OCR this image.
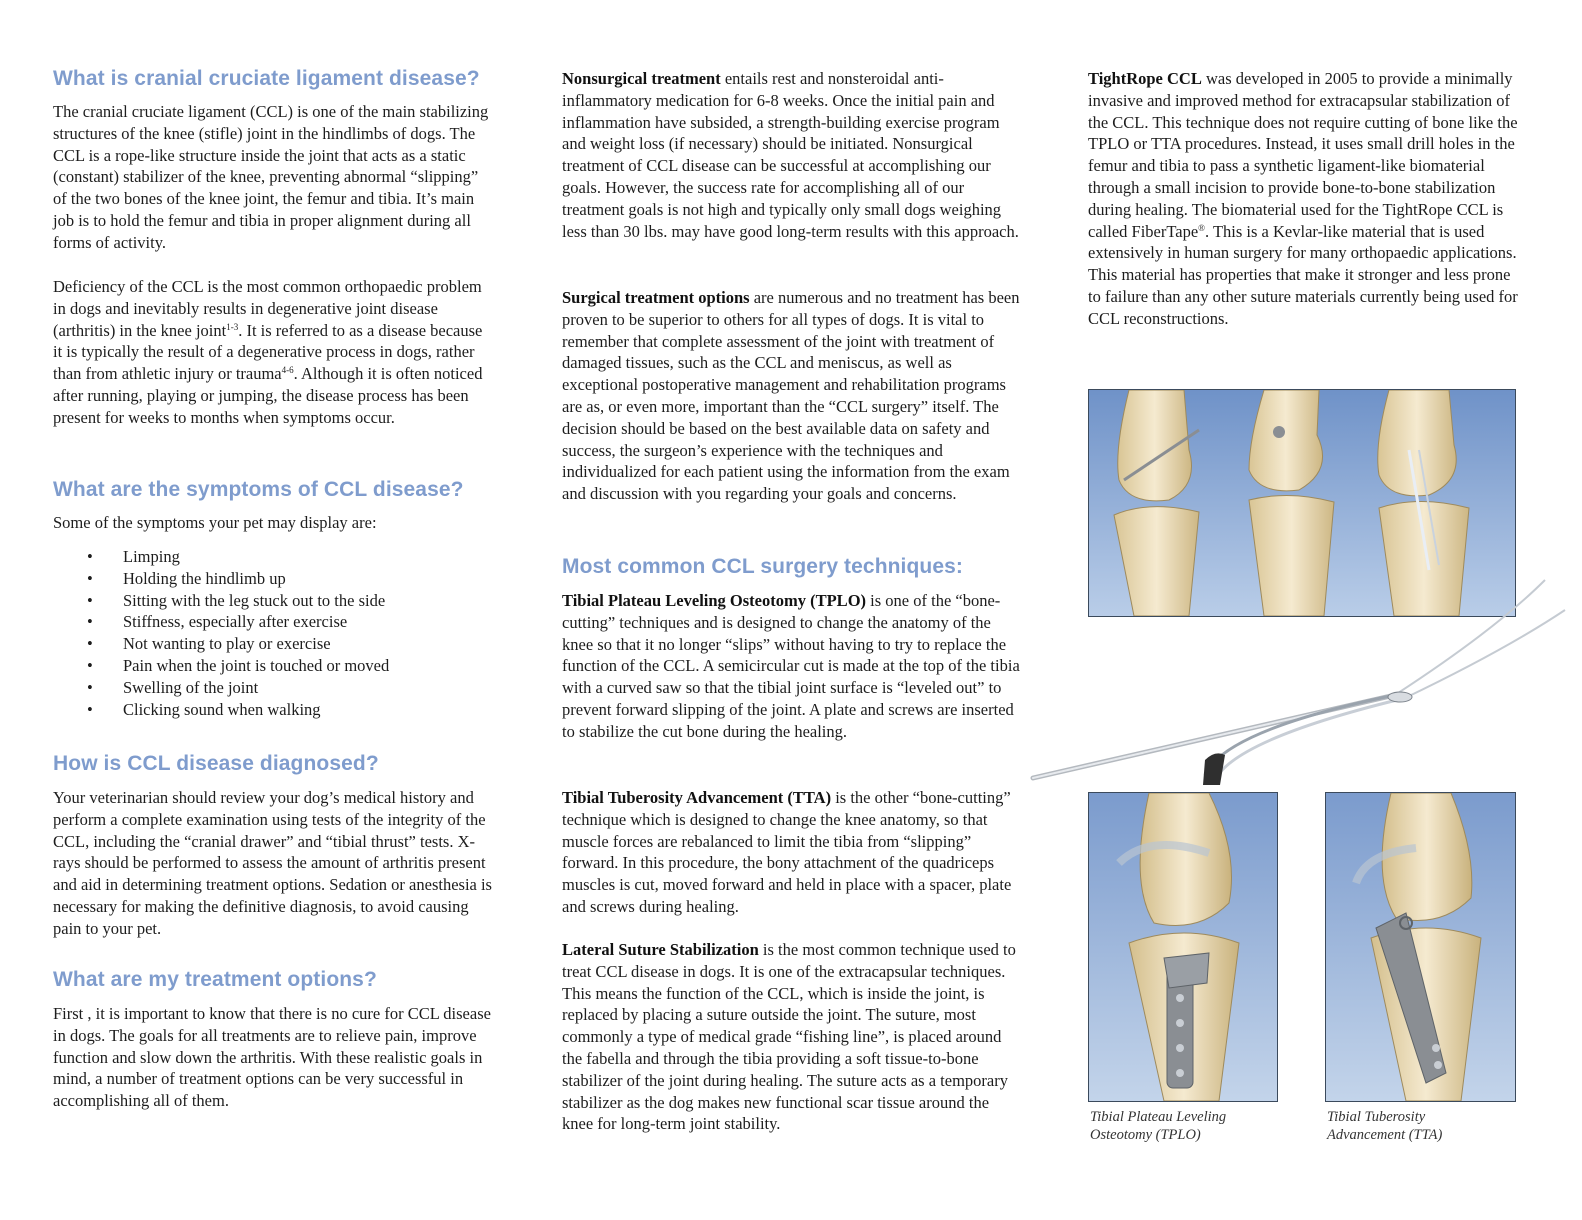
What is cranial cruciate ligament disease?

The cranial cruciate ligament (CCL) is one of the main stabilizing structures of the knee (stifle) joint in the hindlimbs of dogs. The CCL is a rope-like structure inside the joint that acts as a static (constant) stabilizer of the knee, preventing abnormal “slipping” of the two bones of the knee joint, the femur and tibia. It’s main job is to hold the femur and tibia in proper alignment during all forms of activity.

Deficiency of the CCL is the most common orthopaedic problem in dogs and inevitably results in degenerative joint disease (arthritis) in the knee joint$^{1-3}$. It is referred to as a disease because it is typically the result of a degenerative process in dogs, rather than from athletic injury or trauma$^{4-6}$. Although it is often noticed after running, playing or jumping, the disease process has been present for weeks to months when symptoms occur.

What are the symptoms of CCL disease?

Some of the symptoms your pet may display are:

• Limping
• Holding the hindlimb up
• Sitting with the leg stuck out to the side
• Stiffness, especially after exercise
• Not wanting to play or exercise
• Pain when the joint is touched or moved
• Swelling of the joint
• Clicking sound when walking
How is CCL disease diagnosed?

Your veterinarian should review your dog’s medical history and perform a complete examination using tests of the integrity of the CCL, including the “cranial drawer” and “tibial thrust” tests. X-rays should be performed to assess the amount of arthritis present and aid in determining treatment options. Sedation or anesthesia is necessary for making the definitive diagnosis, to avoid causing pain to your pet.

What are my treatment options?

First , it is important to know that there is no cure for CCL disease in dogs. The goals for all treatments are to relieve pain, improve function and slow down the arthritis. With these realistic goals in mind, a number of treatment options can be very successful in accomplishing all of them.

Nonsurgical treatment entails rest and nonsteroidal anti-inflammatory medication for 6-8 weeks. Once the initial pain and inflammation have subsided, a strength-building exercise program and weight loss (if necessary) should be initiated. Nonsurgical treatment of CCL disease can be successful at accomplishing our goals. However, the success rate for accomplishing all of our treatment goals is not high and typically only small dogs weighing less than 30 lbs. may have good long-term results with this approach.

Surgical treatment options are numerous and no treatment has been proven to be superior to others for all types of dogs. It is vital to remember that complete assessment of the joint with treatment of damaged tissues, such as the CCL and meniscus, as well as exceptional postoperative management and rehabilitation programs are as, or even more, important than the “CCL surgery” itself. The decision should be based on the best available data on safety and success, the surgeon’s experience with the techniques and individualized for each patient using the information from the exam and discussion with you regarding your goals and concerns.

Most common CCL surgery techniques:

Tibial Plateau Leveling Osteotomy (TPLO) is one of the “bone-cutting” techniques and is designed to change the anatomy of the knee so that it no longer “slips” without having to try to replace the function of the CCL. A semicircular cut is made at the top of the tibia with a curved saw so that the tibial joint surface is “leveled out” to prevent forward slipping of the joint. A plate and screws are inserted to stabilize the cut bone during the healing.

Tibial Tuberosity Advancement (TTA) is the other “bone-cutting” technique which is designed to change the knee anatomy, so that muscle forces are rebalanced to limit the tibia from “slipping” forward. In this procedure, the bony attachment of the quadriceps muscles is cut, moved forward and held in place with a spacer, plate and screws during healing.

Lateral Suture Stabilization is the most common technique used to treat CCL disease in dogs. It is one of the extracapsular techniques. This means the function of the CCL, which is inside the joint, is replaced by placing a suture outside the joint. The suture, most commonly a type of medical grade “fishing line”, is placed around the fabella and through the tibia providing a soft tissue-to-bone stabilizer of the joint during healing. The suture acts as a temporary stabilizer as the dog makes new functional scar tissue around the knee for long-term joint stability.

TightRope CCL was developed in 2005 to provide a minimally invasive and improved method for extracapsular stabilization of the CCL. This technique does not require cutting of bone like the TPLO or TTA procedures. Instead, it uses small drill holes in the femur and tibia to pass a synthetic ligament-like biomaterial through a small incision to provide bone-to-bone stabilization during healing. The biomaterial used for the TightRope CCL is called FiberTape®. This is a Kevlar-like material that is used extensively in human surgery for many orthopaedic applications. This material has properties that make it stronger and less prone to failure than any other suture materials currently being used for CCL reconstructions.

Tibial Plateau Leveling Osteotomy (TPLO)
Tibial Tuberosity Advancement (TTA)
